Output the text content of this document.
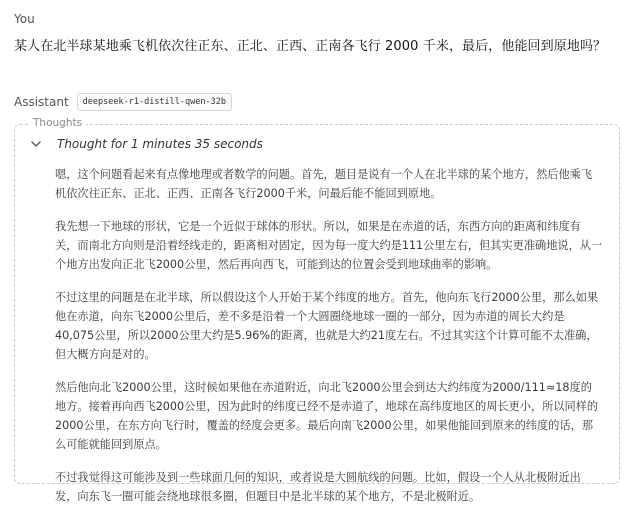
You
某人在北半球某地乘飞机依次往正东、正北、正西、正南各飞行 2000 千米，最后，他能回到原地吗？
Assistant	deepseek-r1-distill-qwen-32b
Thoughts
Thought for 1 minutes 35 seconds

嗯，这个问题看起来有点像地理或者数学的问题。首先，题目是说有一个人在北半球的某个地方，然后他乘飞机依次往正东、正北、正西、正南各飞行2000千米，问最后能不能回到原地。

我先想一下地球的形状，它是一个近似于球体的形状。所以，如果是在赤道的话，东西方向的距离和纬度有关，而南北方向则是沿着经线走的，距离相对固定，因为每一度大约是111公里左右，但其实更准确地说，从一个地方出发向正北飞2000公里，然后再向西飞，可能到达的位置会受到地球曲率的影响。

不过这里的问题是在北半球，所以假设这个人开始于某个纬度的地方。首先，他向东飞行2000公里，那么如果他在赤道，向东飞2000公里后，差不多是沿着一个大圆圈绕地球一圈的一部分，因为赤道的周长大约是40,075公里，所以2000公里大约是5.96%的距离，也就是大约21度左右。不过其实这个计算可能不太准确，但大概方向是对的。

然后他向北飞2000公里，这时候如果他在赤道附近，向北飞2000公里会到达大约纬度为2000/111≈18度的地方。接着再向西飞2000公里，因为此时的纬度已经不是赤道了，地球在高纬度地区的周长更小，所以同样的2000公里，在东方向飞行时，覆盖的经度会更多。最后向南飞2000公里，如果他能回到原来的纬度的话，那么可能就能回到原点。

不过我觉得这可能涉及到一些球面几何的知识，或者说是大圆航线的问题。比如，假设一个人从北极附近出发，向东飞一圈可能会绕地球很多圈，但题目中是北半球的某个地方，不是北极附近。
